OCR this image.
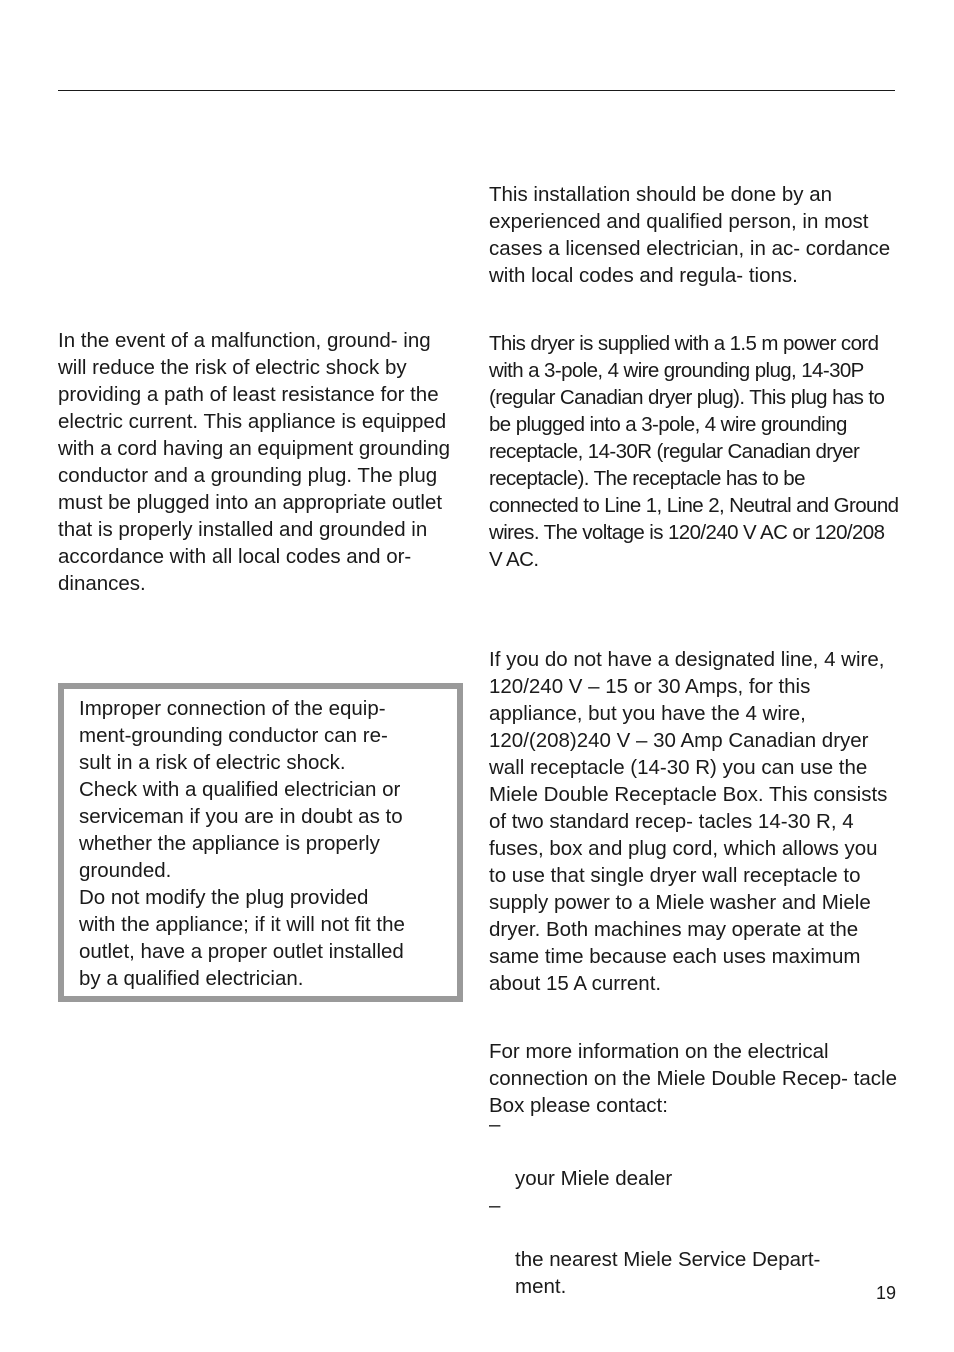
In the event of a malfunction, ground- ing will reduce the risk of electric shock by providing a path of least resistance for the electric current. This appliance is equipped with a cord having an equipment grounding conductor and a grounding plug. The plug must be plugged into an appropriate outlet that is properly installed and grounded in accordance with all local codes and or- dinances.

Improper connection of the equip-
ment-grounding conductor can re-
sult in a risk of electric shock.
Check with a qualified electrician or
serviceman if you are in doubt as to
whether the appliance is properly
grounded.
Do not modify the plug provided
with the appliance; if it will not fit the
outlet, have a proper outlet installed
by a qualified electrician.

This installation should be done by an experienced and qualified person, in most cases a licensed electrician, in ac- cordance with local codes and regula- tions.

This dryer is supplied with a 1.5 m power cord with a 3-pole, 4 wire grounding plug, 14-30P (regular Canadian dryer plug). This plug has to be plugged into a 3-pole, 4 wire grounding receptacle, 14-30R (regular Canadian dryer receptacle). The receptacle has to be connected to Line 1, Line 2, Neutral and Ground wires. The voltage is 120/240 V AC or 120/208 V AC.

If you do not have a designated line, 4 wire, 120/240 V – 15 or 30 Amps, for this appliance, but you have the 4 wire, 120/(208)240 V – 30 Amp Canadian dryer wall receptacle (14-30 R) you can use the Miele Double Receptacle Box. This consists of two standard recep- tacles 14-30 R, 4 fuses, box and plug cord, which allows you to use that single dryer wall receptacle to supply power to a Miele washer and Miele dryer. Both machines may operate at the same time because each uses maximum about 15 A current.

For more information on the electrical connection on the Miele Double Recep- tacle Box please contact:

–

your Miele dealer

–

the nearest Miele Service Depart-
ment.	19
